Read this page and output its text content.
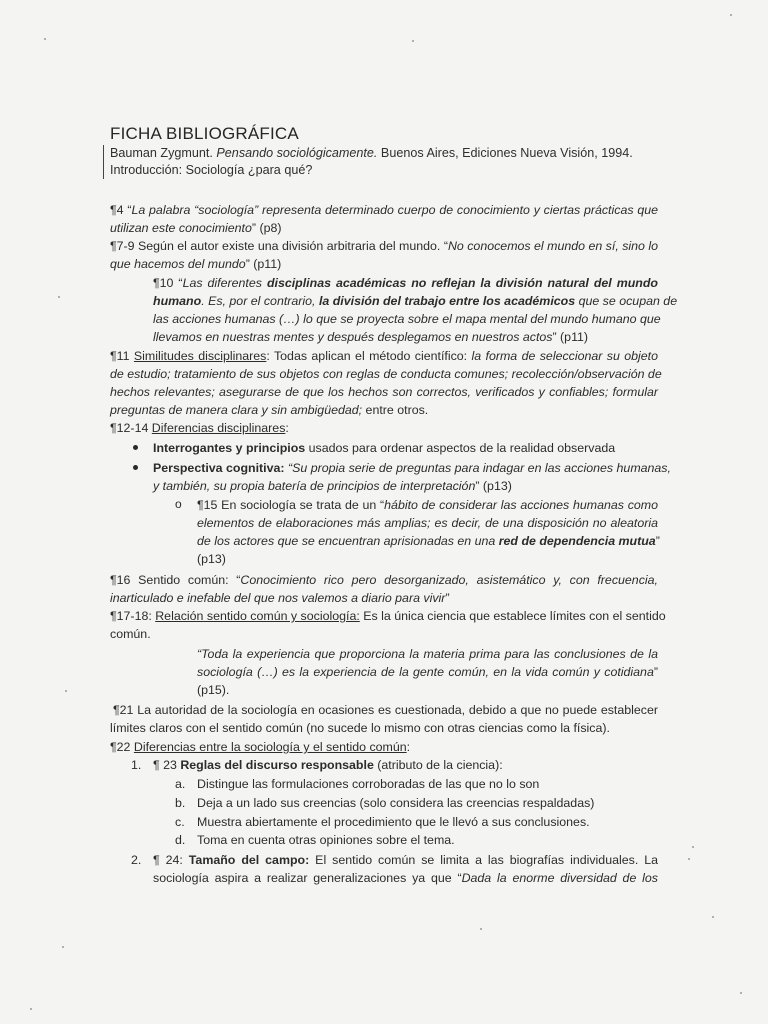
FICHA BIBLIOGRÁFICA
Bauman Zygmunt. Pensando sociológicamente. Buenos Aires, Ediciones Nueva Visión, 1994.
Introducción: Sociología ¿para qué?
¶4 “La palabra “sociología” representa determinado cuerpo de conocimiento y ciertas prácticas que
utilizan este conocimiento” (p8)
¶7-9 Según el autor existe una división arbitraria del mundo. “No conocemos el mundo en sí, sino lo
que hacemos del mundo” (p11)
¶10 “Las diferentes disciplinas académicas no reflejan la división natural del mundo
humano. Es, por el contrario, la división del trabajo entre los académicos que se ocupan de
las acciones humanas (…) lo que se proyecta sobre el mapa mental del mundo humano que
llevamos en nuestras mentes y después desplegamos en nuestros actos” (p11)
¶11 Similitudes disciplinares: Todas aplican el método científico: la forma de seleccionar su objeto
de estudio; tratamiento de sus objetos con reglas de conducta comunes; recolección/observación de
hechos relevantes; asegurarse de que los hechos son correctos, verificados y confiables; formular
preguntas de manera clara y sin ambigüedad; entre otros.
¶12-14 Diferencias disciplinares:
Interrogantes y principios usados para ordenar aspectos de la realidad observada
Perspectiva cognitiva: “Su propia serie de preguntas para indagar en las acciones humanas,
y también, su propia batería de principios de interpretación” (p13)
o ¶15 En sociología se trata de un “hábito de considerar las acciones humanas como
elementos de elaboraciones más amplias; es decir, de una disposición no aleatoria
de los actores que se encuentran aprisionadas en una red de dependencia mutua”
(p13)
¶16 Sentido común: “Conocimiento rico pero desorganizado, asistemático y, con frecuencia,
inarticulado e inefable del que nos valemos a diario para vivir”
¶17-18: Relación sentido común y sociología: Es la única ciencia que establece límites con el sentido
común.
“Toda la experiencia que proporciona la materia prima para las conclusiones de la
sociología (…) es la experiencia de la gente común, en la vida común y cotidiana”
(p15).
¶21 La autoridad de la sociología en ocasiones es cuestionada, debido a que no puede establecer
límites claros con el sentido común (no sucede lo mismo con otras ciencias como la física).
¶22 Diferencias entre la sociología y el sentido común:
1. ¶ 23 Reglas del discurso responsable (atributo de la ciencia):
a. Distingue las formulaciones corroboradas de las que no lo son
b. Deja a un lado sus creencias (solo considera las creencias respaldadas)
c. Muestra abiertamente el procedimiento que le llevó a sus conclusiones.
d. Toma en cuenta otras opiniones sobre el tema.
2. ¶ 24: Tamaño del campo: El sentido común se limita a las biografías individuales. La
sociología aspira a realizar generalizaciones ya que “Dada la enorme diversidad de los
